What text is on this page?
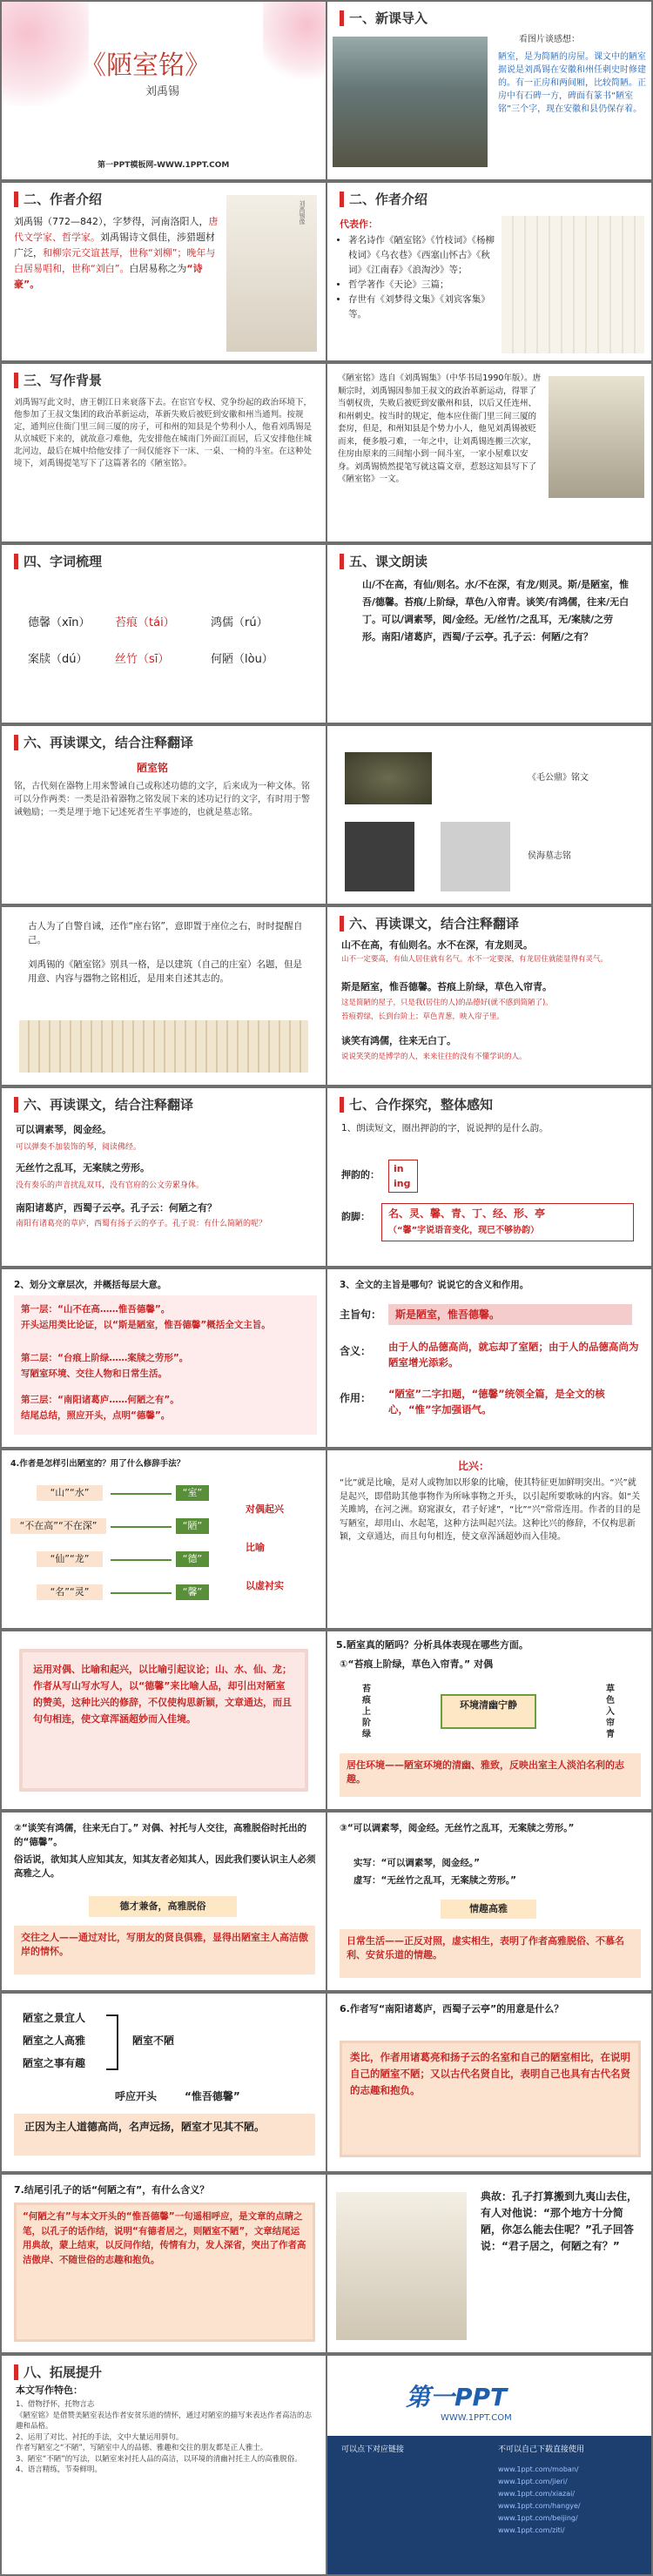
《陋室铭》
刘禹锡
第一PPT模板网-WWW.1PPT.COM
一、新课导入
看图片谈感想：
陋室，是为简陋的房屋。课文中的陋室据说是刘禹锡在安徽和州任刺史时修建的。有一正房和两间厢，比较简陋。正房中有石碑一方，碑面有篆书“陋室铭”三个字，现在安徽和县仍保存着。
二、作者介绍
刘禹锡（772—842），字梦得，河南洛阳人，唐代文学家、哲学家。刘禹锡诗文俱佳，涉猎题材广泛，和柳宗元交谊甚厚，世称“刘柳”；晚年与白居易唱和，世称“刘白”。白居易称之为“诗豪”。
刘禹锡像
二、作者介绍
代表作：
• 著名诗作《陋室铭》《竹枝词》《杨柳枝词》《乌衣巷》《西塞山怀古》《秋词》《江南春》《浪淘沙》等；
• 哲学著作《天论》三篇；
• 存世有《刘梦得文集》《刘宾客集》等。
三、写作背景
刘禹锡写此文时，唐王朝江日来衰落下去。在宦官专权、党争纷起的政治环境下，他参加了王叔文集团的政治革新运动，革新失败后被贬到安徽和州当通判。按规定，通判应住衙门里三间三厦的房子，可和州的知县是个势利小人，他看刘禹锡是从京城贬下来的，就故意刁难他，先安排他在城南门外面江而居，后又安排他住城北河边，最后在城中给他安排了一间仅能容下一床、一桌、一椅的斗室。在这种处境下，刘禹锡提笔写下了这篇著名的《陋室铭》。
《陋室铭》选自《刘禹锡集》（中华书局1990年版）。唐顺宗时，刘禹锡因参加王叔文的政治革新运动，得罪了当朝权贵，失败后被贬到安徽州和县，以后又任连州、和州刺史。按当时的规定，他本应住衙门里三间三厦的套房，但是，和州知县是个势力小人，他见刘禹锡被贬而来，便多般刁难，一年之中，让刘禹锡连搬三次家，住房由原来的三间缩小到一间斗室，一家小屋难以安身。刘禹锡愤然提笔写就这篇文章，惹怒这知县写下了《陋室铭》一文。
四、字词梳理
德馨（xīn） 苔痕（tái）	鸿儒（rú）
案牍（dú） 丝竹（sī）	何陋（lòu）
五、课文朗读
山/不在高，有仙/则名。水/不在深，有龙/则灵。斯/是陋室，惟吾/德馨。苔痕/上阶绿，草色/入帘青。谈笑/有鸿儒，往来/无白丁。可以/调素琴，阅/金经。无/丝竹/之乱耳，无/案牍/之劳形。南阳/诸葛庐，西蜀/子云亭。孔子云：何陋/之有？
六、再读课文，结合注释翻译
陋室铭
铭，古代刻在器物上用来警诫自己或称述功德的文字，后来成为一种文体。铭可以分作两类：一类是沿着器物之铭发展下来的述功记行的文字，有时用于警诫勉励；一类是埋于地下记述死者生平事迹的，也就是墓志铭。
《毛公鼎》铭文
侯海墓志铭
古人为了自警自诫，还作“座右铭”，意即置于座位之右，时时提醒自己。
刘禹锡的《陋室铭》别具一格，是以建筑（自己的庄室）名题，但是用意、内容与器物之铭相近，是用来自述其志的。
六、再读课文，结合注释翻译
山不在高，有仙则名。水不在深，有龙则灵。
山不一定要高，有仙人居住就有名气。水不一定要深，有龙居住就能显得有灵气。
斯是陋室，惟吾德馨。苔痕上阶绿，草色入帘青。
这是简陋的屋子，只是我(居住的人)的品德好(就不感到简陋了)。
苔痕碧绿，长到台阶上；草色青葱，映入帘子里。
谈笑有鸿儒，往来无白丁。
说说笑笑的是博学的人，来来往往的没有不懂学识的人。
六、再读课文，结合注释翻译
可以调素琴，阅金经。
可以弹奏不加装饰的琴，阅读佛经。
无丝竹之乱耳，无案牍之劳形。
没有奏乐的声音扰乱双耳，没有官府的公文劳累身体。
南阳诸葛庐，西蜀子云亭。孔子云：何陋之有？
南阳有诸葛亮的草庐，西蜀有扬子云的亭子。孔子说：有什么简陋的呢？
七、合作探究，整体感知
1、朗读短文，圈出押韵的字，说说押的是什么韵。
押韵的：
in ing
韵脚： 名、灵、馨、青、丁、经、形、亭
（“馨”字说语音变化，现已不够协韵）
2、划分文章层次，并概括每层大意。
第一层：“山不在高……惟吾德馨”。
开头运用类比论证，以“斯是陋室，惟吾德馨”概括全文主旨。
第二层：“台痕上阶绿……案牍之劳形”。
写陋室环境、交往人物和日常生活。
第三层：“南阳诸葛庐……何陋之有”。
结尾总结，照应开头，点明“德馨”。
3、全文的主旨是哪句？说说它的含义和作用。
主旨句： 斯是陋室，惟吾德馨。
含义： 由于人的品德高尚，就忘却了室陋；由于人的品德高尚为陋室增光添彩。
作用： “陋室”二字扣题，“德馨”统领全篇，是全文的核心，“惟”字加强语气。
4.作者是怎样引出陋室的？用了什么修辞手法？
“山”“水”	“室”
“不在高”“不在深”	“陋”
“仙”“龙”	“德”
“名”“灵”	“馨”
对偶起兴
比喻
以虚衬实
比兴：
“比”就是比喻，是对人或物加以形象的比喻，使其特征更加鲜明突出。“兴”就是起兴，即借助其他事物作为所咏事物之开头，以引起所要歌咏的内容。如“关关雎鸠，在河之洲。窈窕淑女，君子好逑”，“比”“兴”常常连用。作者的目的是写陋室，却用山、水起笔，这种方法叫起兴法。这种比兴的修辞，不仅构思新颖，文章通达，而且句句相连，使文章浑涵超妙而入佳境。
运用对偶、比喻和起兴，以比喻引起议论；山、水、仙、龙；作者从写山写水写人，以“德馨”来比喻人品，却引出对陋室的赞美，这种比兴的修辞，不仅使构思新颖，文章通达，而且句句相连，使文章浑涵超妙而入佳境。
5.陋室真的陋吗？分析具体表现在哪些方面。
①“苔痕上阶绿，草色入帘青。” 对偶
苔痕上阶绿
草色入帘青
环境清幽宁静
居住环境——陋室环境的清幽、雅致，反映出室主人淡泊名利的志趣。
②“谈笑有鸿儒，往来无白丁。” 对偶、衬托与人交往，高雅脱俗时托出的的“德馨”。
俗话说，欲知其人应知其友，知其友者必知其人，因此我们要认识主人必须高雅之人。
德才兼备，高雅脱俗
交往之人——通过对比，写朋友的贤良俱雅，显得出陋室主人高洁傲岸的情怀。
③“可以调素琴，阅金经。无丝竹之乱耳，无案牍之劳形。”
实写：“可以调素琴，阅金经。”
虚写：“无丝竹之乱耳，无案牍之劳形。”
情趣高雅
日常生活——正反对照，虚实相生，表明了作者高雅脱俗、不慕名利、安贫乐道的情趣。
陋室之景宜人
陋室之人高雅
陋室之事有趣
陋室不陋
呼应开头	“惟吾德馨”
正因为主人道德高尚，名声远扬，陋室才见其不陋。
6.作者写“南阳诸葛庐，西蜀子云亭”的用意是什么？
类比，作者用诸葛亮和扬子云的名室和自己的陋室相比，在说明自己的陋室不陋；又以古代名贤自比，表明自己也具有古代名贤的志趣和抱负。
7.结尾引孔子的话“何陋之有”，有什么含义？
“何陋之有”与本文开头的“惟吾德馨”一句遥相呼应，是文章的点睛之笔，以孔子的话作结，说明“有德者居之，则陋室不陋”，文章结尾运用典故，蒙上结束，以反问作结，传情有力，发人深省，突出了作者高洁傲岸、不随世俗的志趣和抱负。
典故：孔子打算搬到九夷山去住，有人对他说：“那个地方十分简陋，你怎么能去住呢？”孔子回答说：“君子居之，何陋之有？”
八、拓展提升
本文写作特色：
1、借物抒怀，托物言志
《陋室铭》是借赞美陋室表达作者安贫乐道的情怀，通过对陋室的描写来表达作者高洁的志趣和品格。
2、运用了对比、衬托的手法，文中大量运用骈句。
作者写陋室之“不陋”，写陋室中人的品德、雅趣和交往的朋友都是正人雅士。
3、陋室“不陋”的写法，以陋室来衬托人品的高洁，以环境的清幽衬托主人的高雅脱俗。
4、语言精练，节奏鲜明。
第一PPT
WWW.1PPT.COM
可以点下对应链接	不可以自己下载直接使用
www.1ppt.com/moban/
www.1ppt.com/jieri/
www.1ppt.com/xiazai/
www.1ppt.com/hangye/
www.1ppt.com/beijing/
www.1ppt.com/ziti/
